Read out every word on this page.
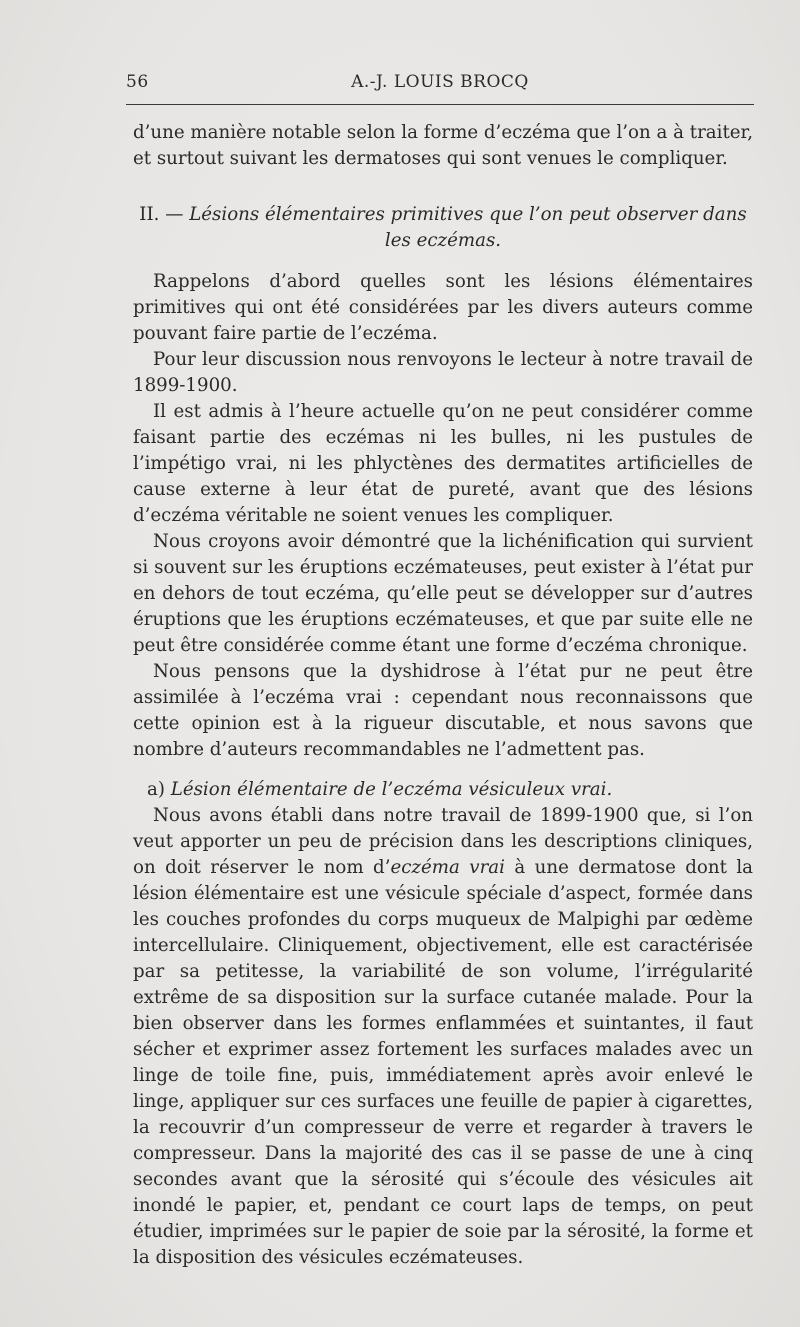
56	A.-J. LOUIS BROCQ

d’une manière notable selon la forme d’eczéma que l’on a à traiter, et surtout suivant les dermatoses qui sont venues le compliquer.

II. — Lésions élémentaires primitives que l’on peut observer dans les eczémas.

Rappelons d’abord quelles sont les lésions élémentaires primitives qui ont été considérées par les divers auteurs comme pouvant faire partie de l’eczéma.

Pour leur discussion nous renvoyons le lecteur à notre travail de 1899-1900.

Il est admis à l’heure actuelle qu’on ne peut considérer comme faisant partie des eczémas ni les bulles, ni les pustules de l’impétigo vrai, ni les phlyctènes des dermatites artificielles de cause externe à leur état de pureté, avant que des lésions d’eczéma véritable ne soient venues les compliquer.

Nous croyons avoir démontré que la lichénification qui survient si souvent sur les éruptions eczémateuses, peut exister à l’état pur en dehors de tout eczéma, qu’elle peut se développer sur d’autres éruptions que les éruptions eczémateuses, et que par suite elle ne peut être considérée comme étant une forme d’eczéma chronique.

Nous pensons que la dyshidrose à l’état pur ne peut être assimilée à l’eczéma vrai : cependant nous reconnaissons que cette opinion est à la rigueur discutable, et nous savons que nombre d’auteurs recommandables ne l’admettent pas.

a) Lésion élémentaire de l’eczéma vésiculeux vrai.

Nous avons établi dans notre travail de 1899-1900 que, si l’on veut apporter un peu de précision dans les descriptions cliniques, on doit réserver le nom d’eczéma vrai à une dermatose dont la lésion élémentaire est une vésicule spéciale d’aspect, formée dans les couches profondes du corps muqueux de Malpighi par œdème intercellulaire. Cliniquement, objectivement, elle est caractérisée par sa petitesse, la variabilité de son volume, l’irrégularité extrême de sa disposition sur la surface cutanée malade. Pour la bien observer dans les formes enflammées et suintantes, il faut sécher et exprimer assez fortement les surfaces malades avec un linge de toile fine, puis, immédiatement après avoir enlevé le linge, appliquer sur ces surfaces une feuille de papier à cigarettes, la recouvrir d’un compresseur de verre et regarder à travers le compresseur. Dans la majorité des cas il se passe de une à cinq secondes avant que la sérosité qui s’écoule des vésicules ait inondé le papier, et, pendant ce court laps de temps, on peut étudier, imprimées sur le papier de soie par la sérosité, la forme et la disposition des vésicules eczémateuses.
